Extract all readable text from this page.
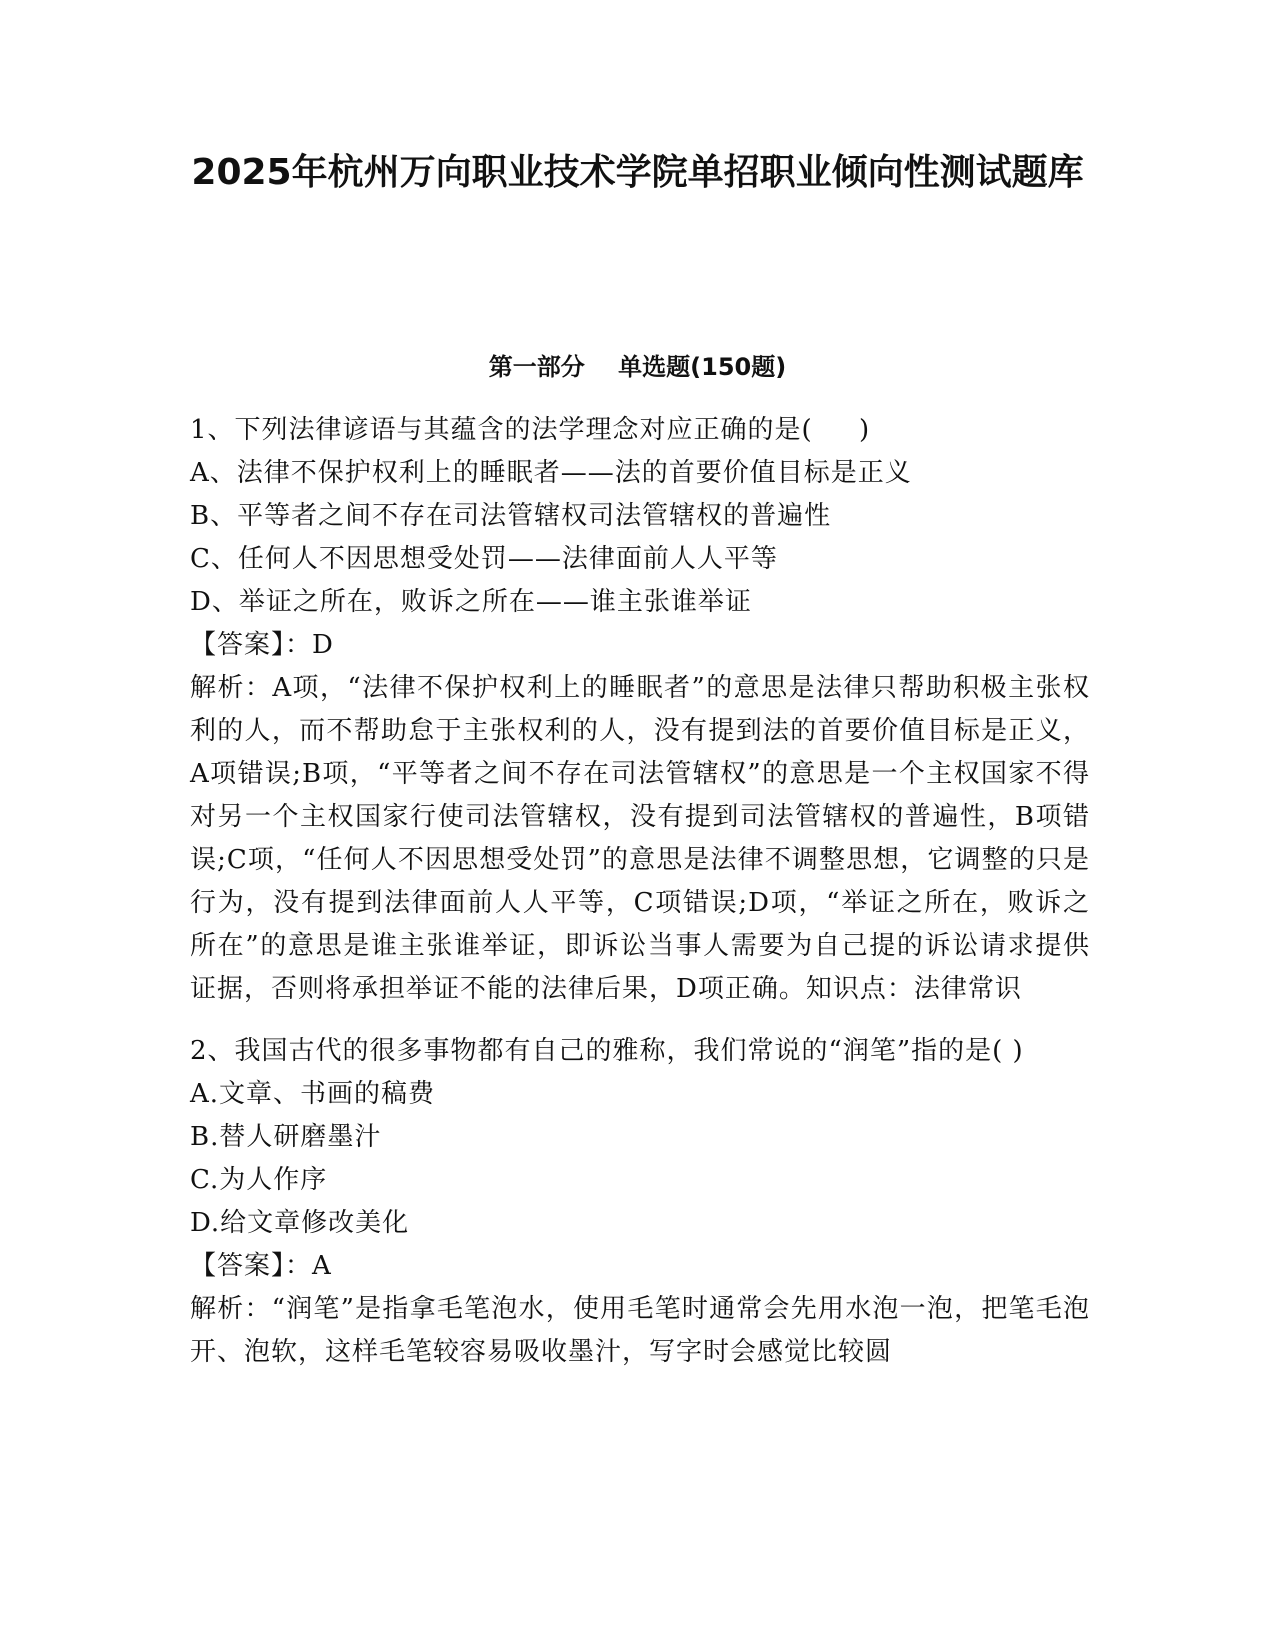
2025年杭州万向职业技术学院单招职业倾向性测试题库
第一部分    单选题(150题)
1、下列法律谚语与其蕴含的法学理念对应正确的是(     )
A、法律不保护权利上的睡眠者——法的首要价值目标是正义
B、平等者之间不存在司法管辖权司法管辖权的普遍性
C、任何人不因思想受处罚——法律面前人人平等
D、举证之所在，败诉之所在——谁主张谁举证
【答案】：D
解析：A项，“法律不保护权利上的睡眠者”的意思是法律只帮助积极主张权利的人，而不帮助怠于主张权利的人，没有提到法的首要价值目标是正义，A项错误;B项，“平等者之间不存在司法管辖权”的意思是一个主权国家不得对另一个主权国家行使司法管辖权，没有提到司法管辖权的普遍性，B项错误;C项，“任何人不因思想受处罚”的意思是法律不调整思想，它调整的只是行为，没有提到法律面前人人平等，C项错误;D项，“举证之所在，败诉之所在”的意思是谁主张谁举证，即诉讼当事人需要为自己提的诉讼请求提供证据，否则将承担举证不能的法律后果，D项正确。知识点：法律常识
2、我国古代的很多事物都有自己的雅称，我们常说的“润笔”指的是( )
A.文章、书画的稿费
B.替人研磨墨汁
C.为人作序
D.给文章修改美化
【答案】：A
解析：“润笔”是指拿毛笔泡水，使用毛笔时通常会先用水泡一泡，把笔毛泡开、泡软，这样毛笔较容易吸收墨汁，写字时会感觉比较圆
